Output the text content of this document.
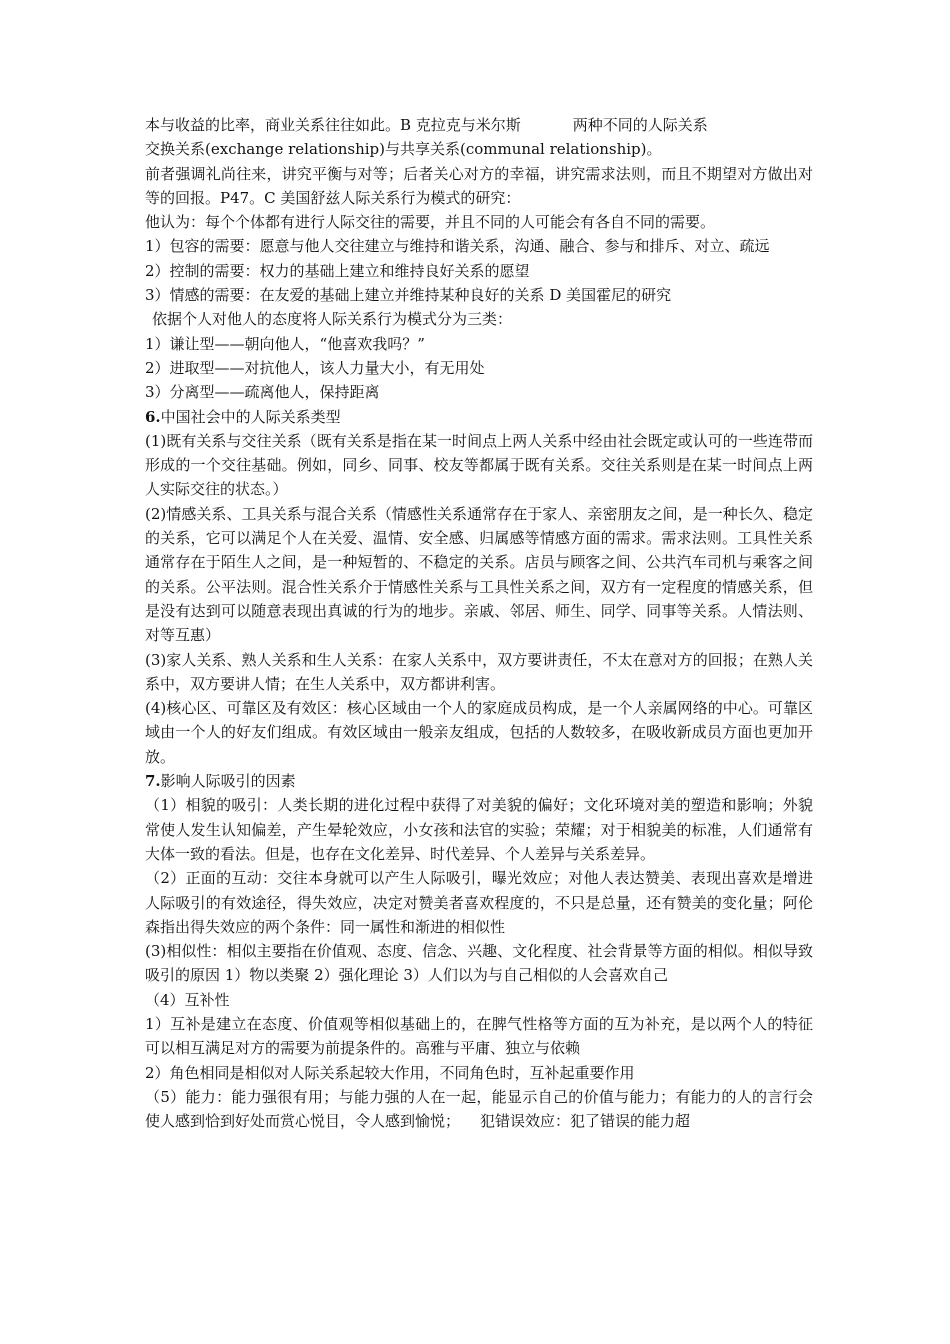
本与收益的比率，商业关系往往如此。B 克拉克与米尔斯	两种不同的人际关系

交换关系(exchange relationship)与共享关系(communal relationship)。

前者强调礼尚往来，讲究平衡与对等；后者关心对方的幸福，讲究需求法则，而且不期望对方做出对等的回报。P47。C 美国舒兹人际关系行为模式的研究：

他认为：每个个体都有进行人际交往的需要，并且不同的人可能会有各自不同的需要。

1）包容的需要：愿意与他人交往建立与维持和谐关系，沟通、融合、参与和排斥、对立、疏远

2）控制的需要：权力的基础上建立和维持良好关系的愿望

3）情感的需要：在友爱的基础上建立并维持某种良好的关系 D 美国霍尼的研究

依据个人对他人的态度将人际关系行为模式分为三类：

1）谦让型——朝向他人，“他喜欢我吗？”

2）进取型——对抗他人，该人力量大小，有无用处

3）分离型——疏离他人，保持距离

6.中国社会中的人际关系类型

(1)既有关系与交往关系（既有关系是指在某一时间点上两人关系中经由社会既定或认可的一些连带而形成的一个交往基础。例如，同乡、同事、校友等都属于既有关系。交往关系则是在某一时间点上两人实际交往的状态。）

(2)情感关系、工具关系与混合关系（情感性关系通常存在于家人、亲密朋友之间，是一种长久、稳定的关系，它可以满足个人在关爱、温情、安全感、归属感等情感方面的需求。需求法则。工具性关系通常存在于陌生人之间，是一种短暂的、不稳定的关系。店员与顾客之间、公共汽车司机与乘客之间的关系。公平法则。混合性关系介于情感性关系与工具性关系之间，双方有一定程度的情感关系，但是没有达到可以随意表现出真诚的行为的地步。亲戚、邻居、师生、同学、同事等关系。人情法则、对等互惠）

(3)家人关系、熟人关系和生人关系：在家人关系中，双方要讲责任，不太在意对方的回报；在熟人关系中，双方要讲人情；在生人关系中，双方都讲利害。

(4)核心区、可靠区及有效区：核心区域由一个人的家庭成员构成，是一个人亲属网络的中心。可靠区域由一个人的好友们组成。有效区域由一般亲友组成，包括的人数较多，在吸收新成员方面也更加开放。

7.影响人际吸引的因素

（1）相貌的吸引：人类长期的进化过程中获得了对美貌的偏好；文化环境对美的塑造和影响；外貌常使人发生认知偏差，产生晕轮效应，小女孩和法官的实验；荣耀；对于相貌美的标准，人们通常有大体一致的看法。但是，也存在文化差异、时代差异、个人差异与关系差异。

（2）正面的互动：交往本身就可以产生人际吸引，曝光效应；对他人表达赞美、表现出喜欢是增进人际吸引的有效途径，得失效应，决定对赞美者喜欢程度的，不只是总量，还有赞美的变化量；阿伦森指出得失效应的两个条件：同一属性和渐进的相似性

(3)相似性：相似主要指在价值观、态度、信念、兴趣、文化程度、社会背景等方面的相似。相似导致吸引的原因 1）物以类聚 2）强化理论 3）人们以为与自己相似的人会喜欢自己

（4）互补性

1）互补是建立在态度、价值观等相似基础上的，在脾气性格等方面的互为补充，是以两个人的特征可以相互满足对方的需要为前提条件的。高雅与平庸、独立与依赖

2）角色相同是相似对人际关系起较大作用，不同角色时，互补起重要作用

（5）能力：能力强很有用；与能力强的人在一起，能显示自己的价值与能力；有能力的人的言行会使人感到恰到好处而赏心悦目，令人感到愉悦； 犯错误效应：犯了错误的能力超
